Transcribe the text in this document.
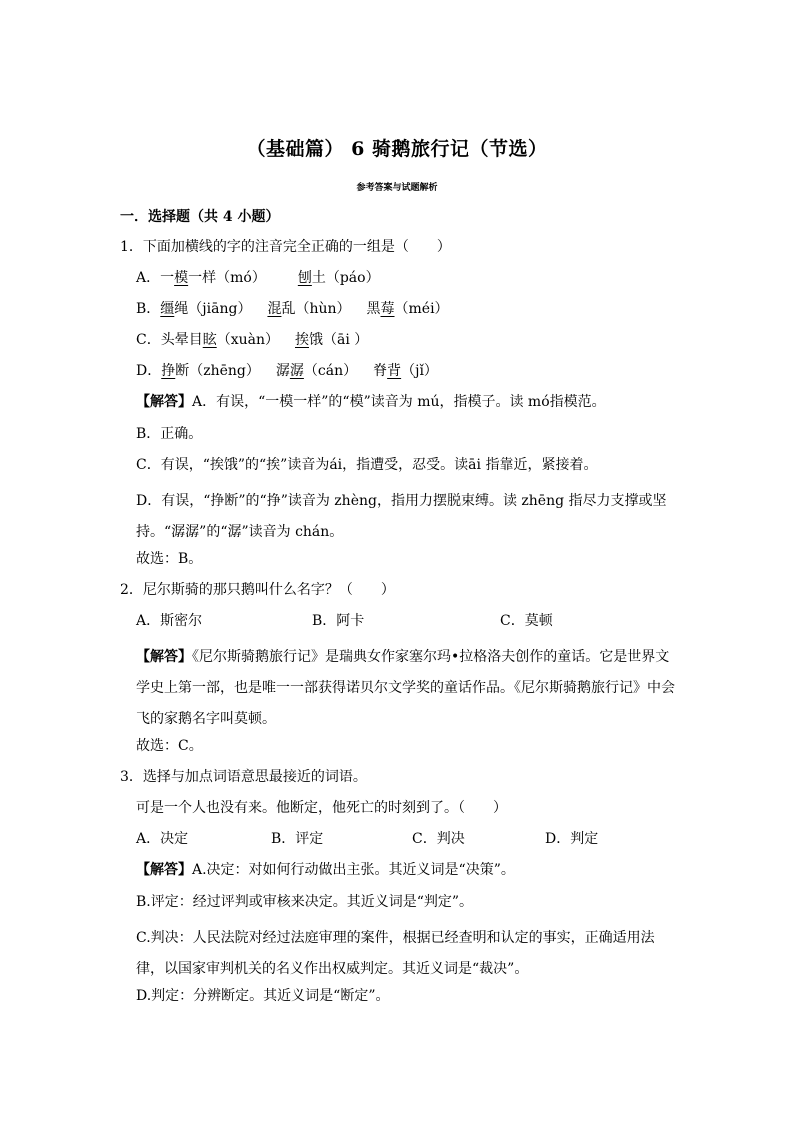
（基础篇） 6 骑鹅旅行记（节选）
参考答案与试题解析
一．选择题（共 4 小题）
1．下面加横线的字的注音完全正确的一组是（　　）
A．一模一样（mó） 刨土（páo）
B．缰绳（jiāng） 混乱（hùn） 黑莓（méi）
C．头晕目眩（xuàn） 挨饿（āi ）
D．挣断（zhēng） 潺潺（cán） 脊背（jǐ）
【解答】A．有误，“一模一样”的“模”读音为 mú，指模子。读 mó指模范。
B．正确。
C．有误，“挨饿”的“挨”读音为ái，指遭受，忍受。读āi 指靠近，紧接着。
D．有误，“挣断”的“挣”读音为 zhèng，指用力摆脱束缚。读 zhēng 指尽力支撑或坚持。“潺潺”的“潺”读音为 chán。
故选：B。
2．尼尔斯骑的那只鹅叫什么名字？（　　）
A．斯密尔	B．阿卡	C．莫顿
【解答】《尼尔斯骑鹅旅行记》是瑞典女作家塞尔玛•拉格洛夫创作的童话。它是世界文学史上第一部，也是唯一一部获得诺贝尔文学奖的童话作品。《尼尔斯骑鹅旅行记》中会飞的家鹅名字叫莫顿。
故选：C。
3．选择与加点词语意思最接近的词语。
可是一个人也没有来。他断定，他死亡的时刻到了。（　　）
A．决定	B．评定	C．判决	D．判定
【解答】A.决定：对如何行动做出主张。其近义词是“决策”。
B.评定：经过评判或审核来决定。其近义词是“判定”。
C.判决：人民法院对经过法庭审理的案件，根据已经查明和认定的事实，正确适用法律，以国家审判机关的名义作出权威判定。其近义词是“裁决”。
D.判定：分辨断定。其近义词是“断定”。
